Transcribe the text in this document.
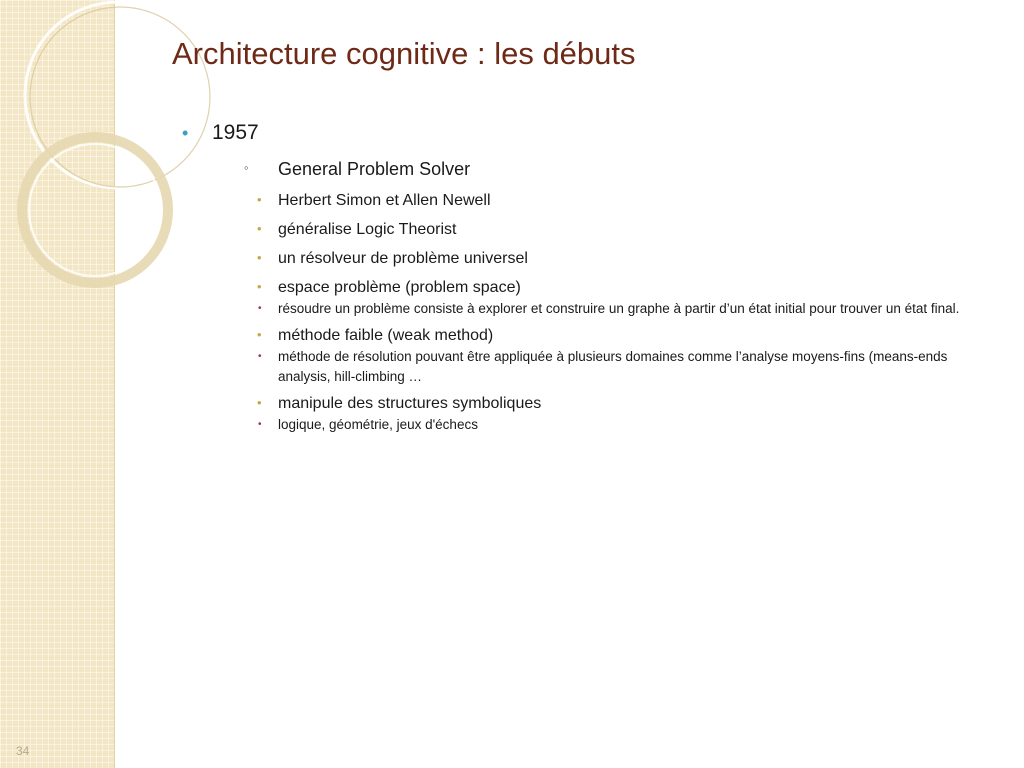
Architecture cognitive : les débuts
• 1957
◦ General Problem Solver
• Herbert Simon et Allen Newell
• généralise Logic Theorist
• un résolveur de problème universel
• espace problème (problem space)
• résoudre un problème consiste à explorer et construire un graphe à partir d’un état initial pour trouver un état final.
• méthode faible (weak method)
• méthode de résolution pouvant être appliquée à plusieurs domaines comme l’analyse moyens-fins (means-ends analysis, hill-climbing …
• manipule des structures symboliques
• logique, géométrie, jeux d'échecs
34
